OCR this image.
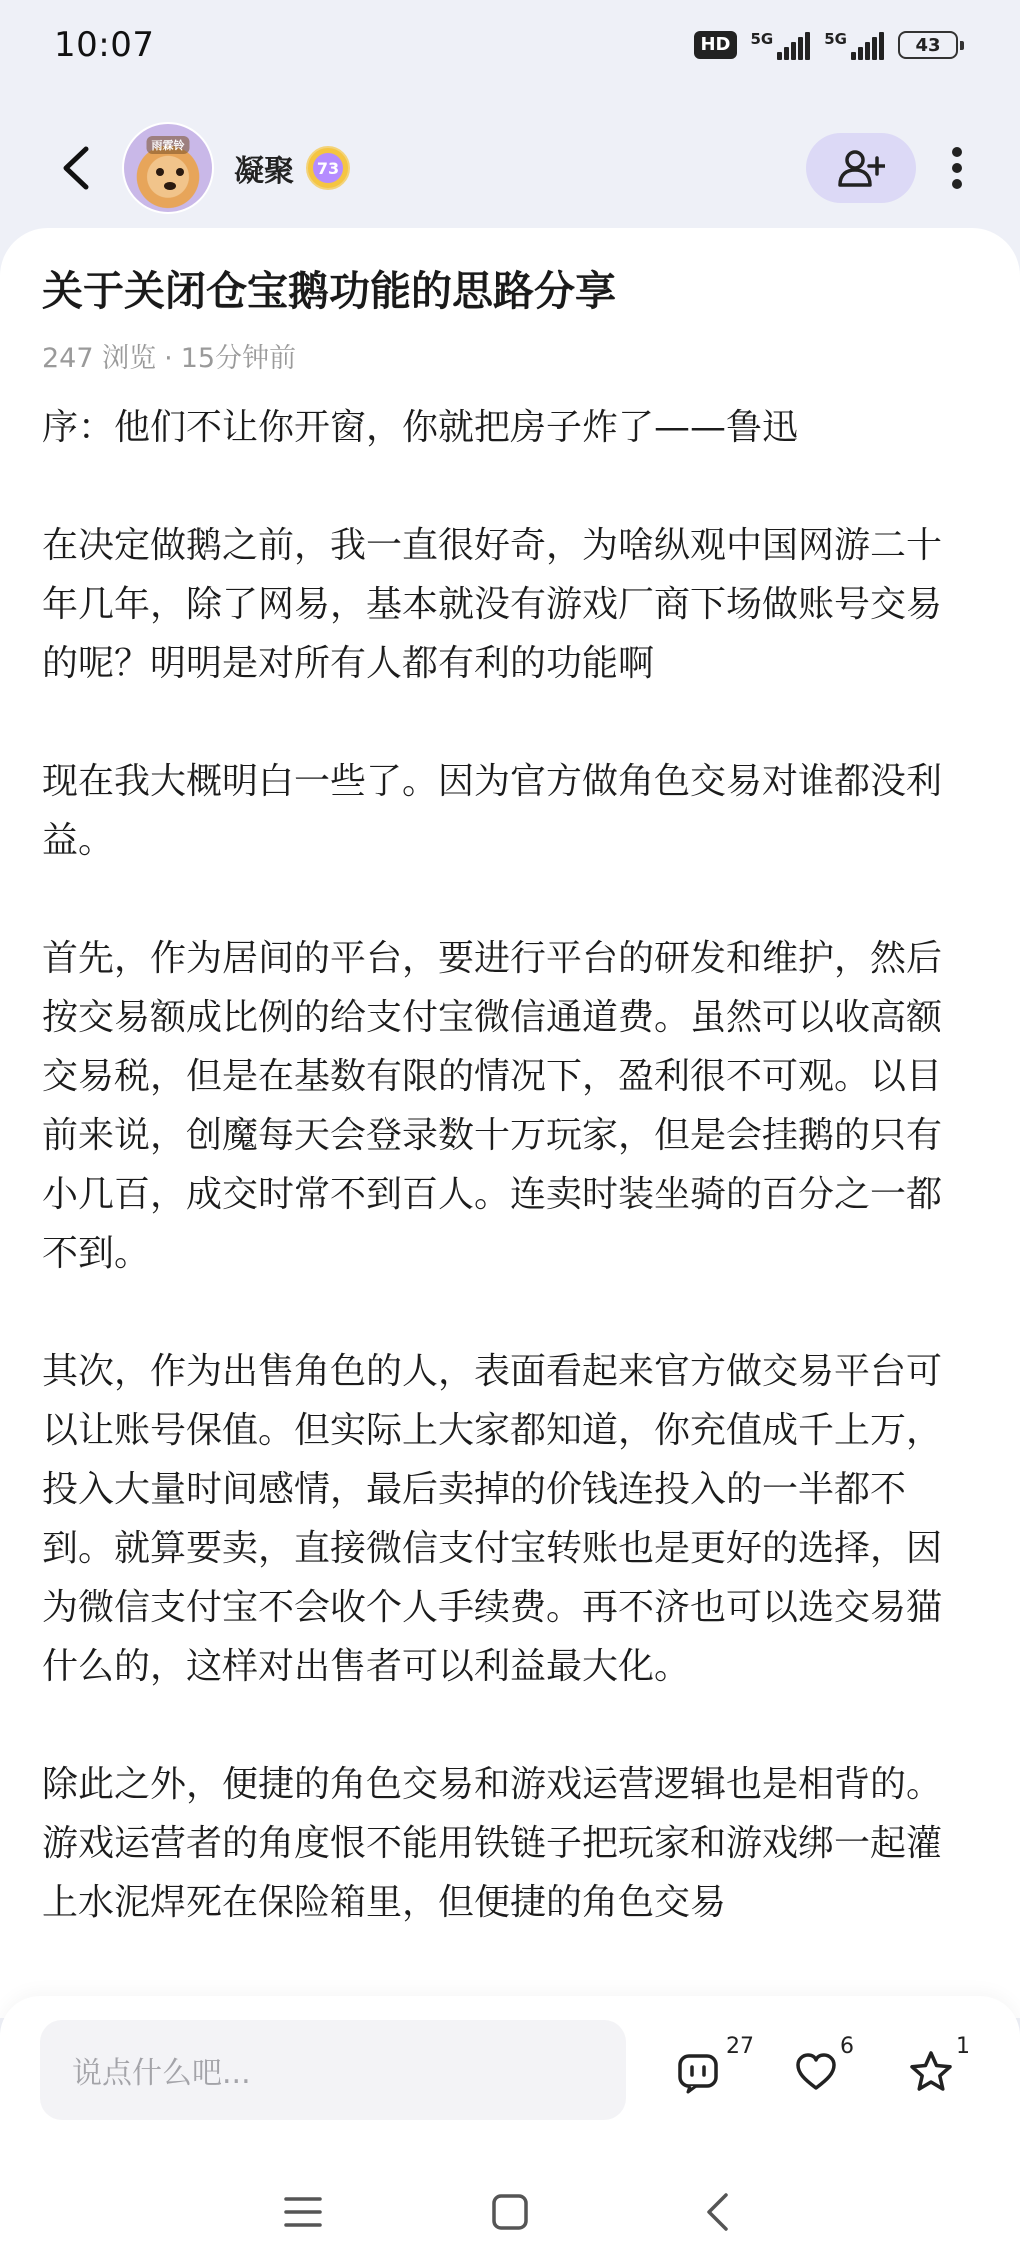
10:07	HD	5G	5G	43
雨霖铃
凝聚	73
关于关闭仓宝鹅功能的思路分享
247 浏览 · 15分钟前

序：他们不让你开窗，你就把房子炸了——鲁迅

在决定做鹅之前，我一直很好奇，为啥纵观中国网游二十年几年，除了网易，基本就没有游戏厂商下场做账号交易的呢？明明是对所有人都有利的功能啊

现在我大概明白一些了。因为官方做角色交易对谁都没利益。

首先，作为居间的平台，要进行平台的研发和维护，然后按交易额成比例的给支付宝微信通道费。虽然可以收高额交易税，但是在基数有限的情况下，盈利很不可观。以目前来说，创魔每天会登录数十万玩家，但是会挂鹅的只有小几百，成交时常不到百人。连卖时装坐骑的百分之一都不到。

其次，作为出售角色的人，表面看起来官方做交易平台可以让账号保值。但实际上大家都知道，你充值成千上万，投入大量时间感情，最后卖掉的价钱连投入的一半都不到。就算要卖，直接微信支付宝转账也是更好的选择，因为微信支付宝不会收个人手续费。再不济也可以选交易猫什么的，这样对出售者可以利益最大化。

除此之外，便捷的角色交易和游戏运营逻辑也是相背的。游戏运营者的角度恨不能用铁链子把玩家和游戏绑一起灌上水泥焊死在保险箱里，但便捷的角色交易

说点什么吧...
27	6	1
